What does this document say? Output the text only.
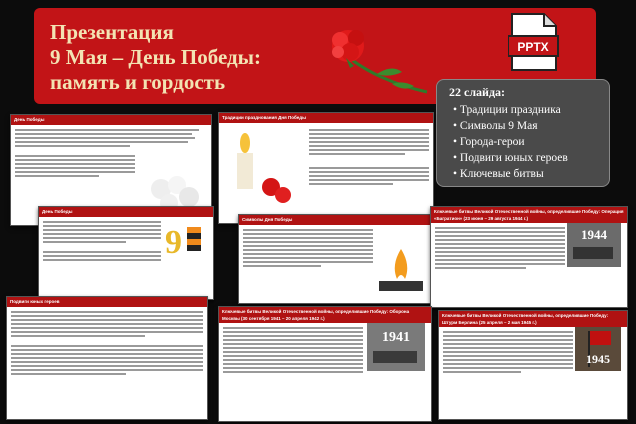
Презентация
9 Мая – День Победы:
память и гордость
PPTX
22 слайда:
• Традиции праздника
• Символы 9 Мая
• Города-герои
• Подвиги юных героев
• Ключевые битвы
День Победы	Традиции празднования Дня Победы
День Победы
9
Символы Дня Победы
Ключевые битвы Великой Отечественной войны, определившие Победу: Операция «Багратион» (23 июня – 29 августа 1944 г.)
1944
Подвиги юных героев
Ключевые битвы Великой Отечественной войны, определившие Победу: Оборона Москвы (30 сентября 1941 – 20 апреля 1942 г.)
1941
Ключевые битвы Великой Отечественной войны, определившие Победу: Штурм Берлина (25 апреля – 2 мая 1945 г.)
1945
